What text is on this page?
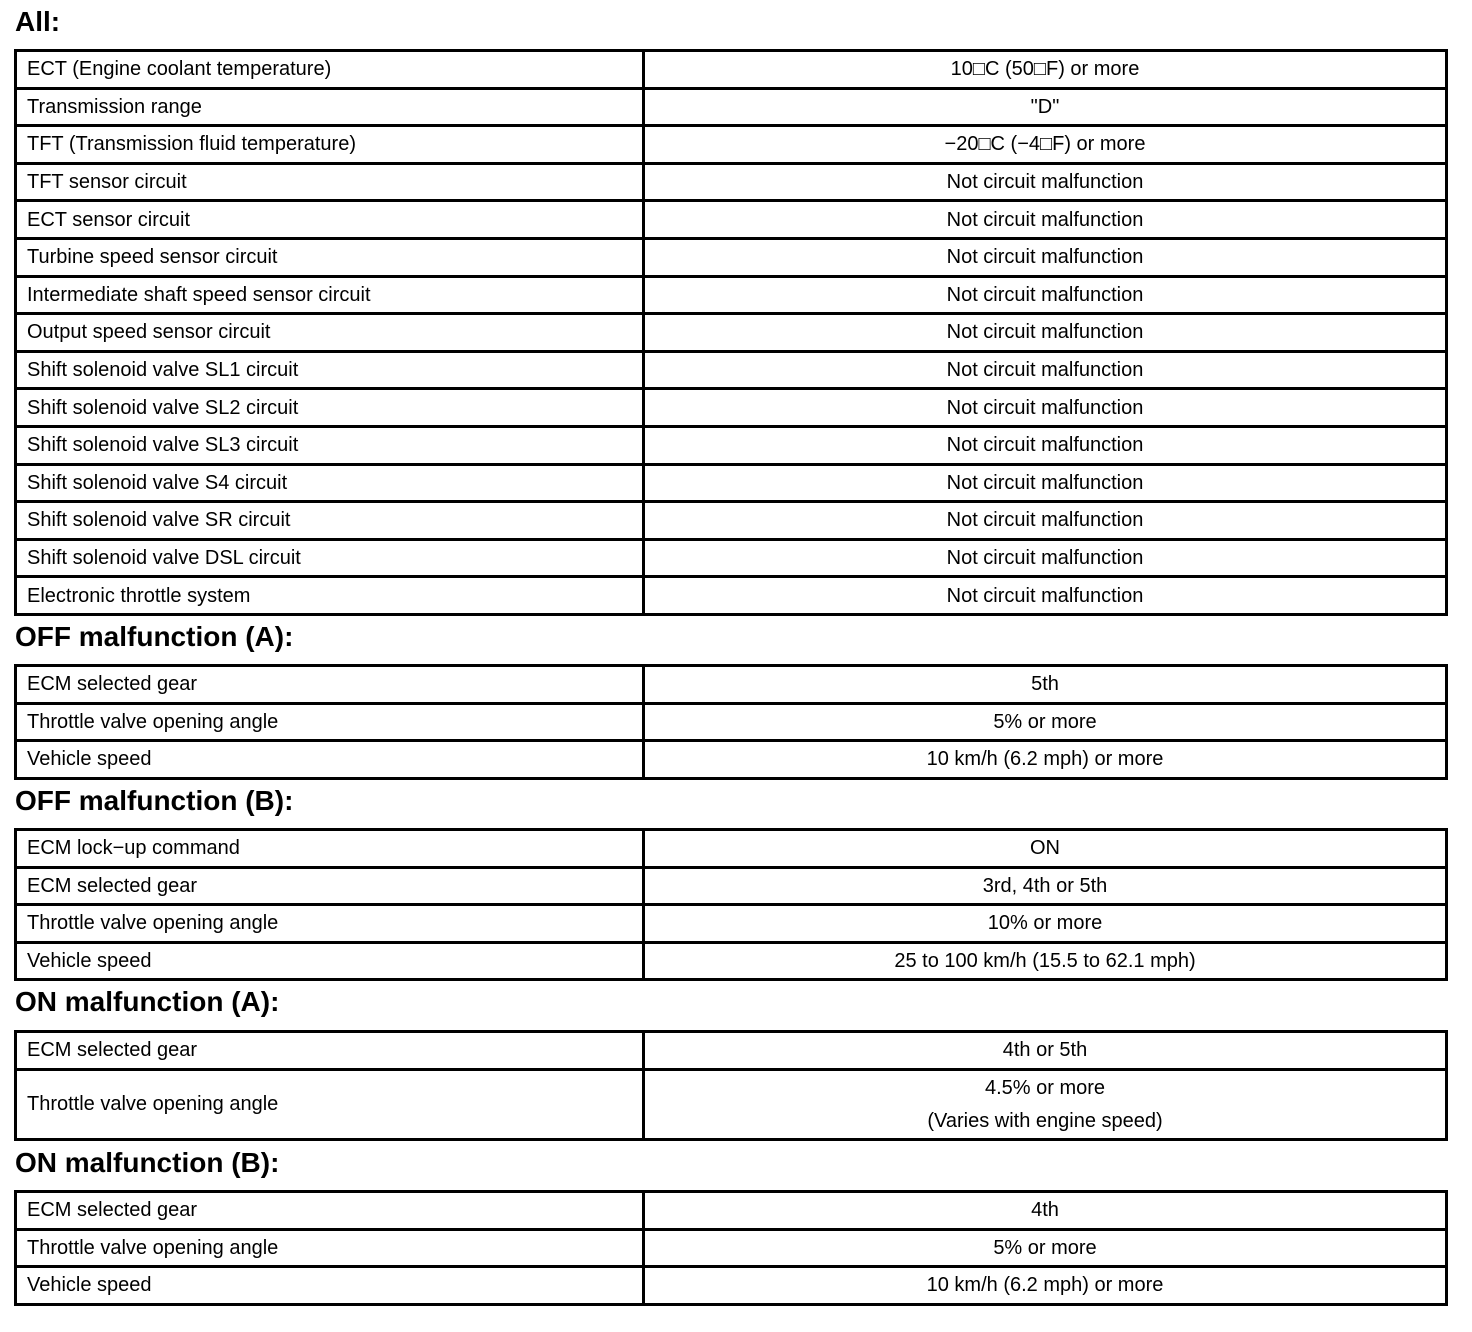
All:
ECT (Engine coolant temperature)	10□C (50□F) or more
Transmission range	"D"
TFT (Transmission fluid temperature)	−20□C (−4□F) or more
TFT sensor circuit	Not circuit malfunction
ECT sensor circuit	Not circuit malfunction
Turbine speed sensor circuit	Not circuit malfunction
Intermediate shaft speed sensor circuit	Not circuit malfunction
Output speed sensor circuit	Not circuit malfunction
Shift solenoid valve SL1 circuit	Not circuit malfunction
Shift solenoid valve SL2 circuit	Not circuit malfunction
Shift solenoid valve SL3 circuit	Not circuit malfunction
Shift solenoid valve S4 circuit	Not circuit malfunction
Shift solenoid valve SR circuit	Not circuit malfunction
Shift solenoid valve DSL circuit	Not circuit malfunction
Electronic throttle system	Not circuit malfunction
OFF malfunction (A):
ECM selected gear	5th
Throttle valve opening angle	5% or more
Vehicle speed	10 km/h (6.2 mph) or more
OFF malfunction (B):
ECM lock−up command	ON
ECM selected gear	3rd, 4th or 5th
Throttle valve opening angle	10% or more
Vehicle speed	25 to 100 km/h (15.5 to 62.1 mph)
ON malfunction (A):
ECM selected gear	4th or 5th
Throttle valve opening angle	4.5% or more
(Varies with engine speed)
ON malfunction (B):
ECM selected gear	4th
Throttle valve opening angle	5% or more
Vehicle speed	10 km/h (6.2 mph) or more
